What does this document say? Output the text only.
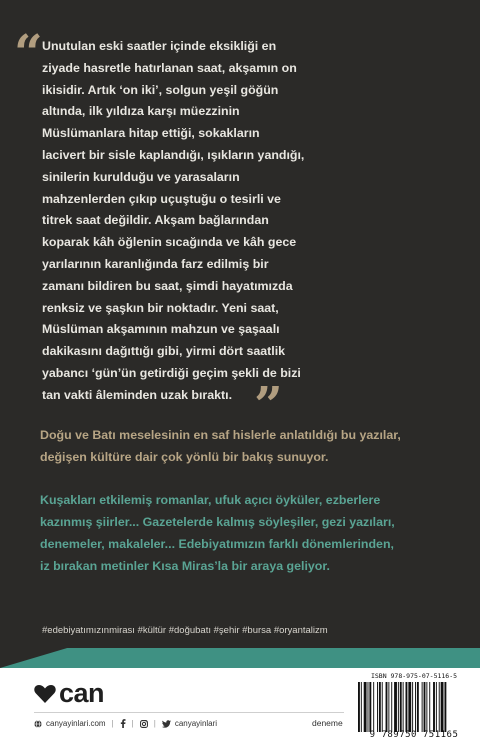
“ Unutulan eski saatler içinde eksikliği en
ziyade hasretle hatırlanan saat, akşamın on
ikisidir. Artık ‘on iki’, solgun yeşil göğün
altında, ilk yıldıza karşı müezzinin
Müslümanlara hitap ettiği, sokakların
lacivert bir sisle kaplandığı, ışıkların yandığı,
sinilerin kurulduğu ve yarasaların
mahzenlerden çıkıp uçuştuğu o tesirli ve
titrek saat değildir. Akşam bağlarından
koparak kâh öğlenin sıcağında ve kâh gece
yarılarının karanlığında farz edilmiş bir
zamanı bildiren bu saat, şimdi hayatımızda
renksiz ve şaşkın bir noktadır. Yeni saat,
Müslüman akşamının mahzun ve şaşaalı
dakikasını dağıttığı gibi, yirmi dört saatlik
yabancı ‘gün’ün getirdiği geçim şekli de bizi
tan vakti âleminden uzak bıraktı. ”
Doğu ve Batı meselesinin en saf hislerle anlatıldığı bu yazılar,
değişen kültüre dair çok yönlü bir bakış sunuyor.
Kuşakları etkilemiş romanlar, ufuk açıcı öyküler, ezberlere
kazınmış şiirler... Gazetelerde kalmış söyleşiler, gezi yazıları,
denemeler, makaleler... Edebiyatımızın farklı dönemlerinden,
iz bırakan metinler Kısa Miras’la bir araya geliyor.
#edebiyatımızınmirası #kültür #doğubatı #şehir #bursa #oryantalizm
can
canyayinlari.com | |	| canyayinlari	deneme
ISBN 978-975-07-5116-5
9 789750 751165
